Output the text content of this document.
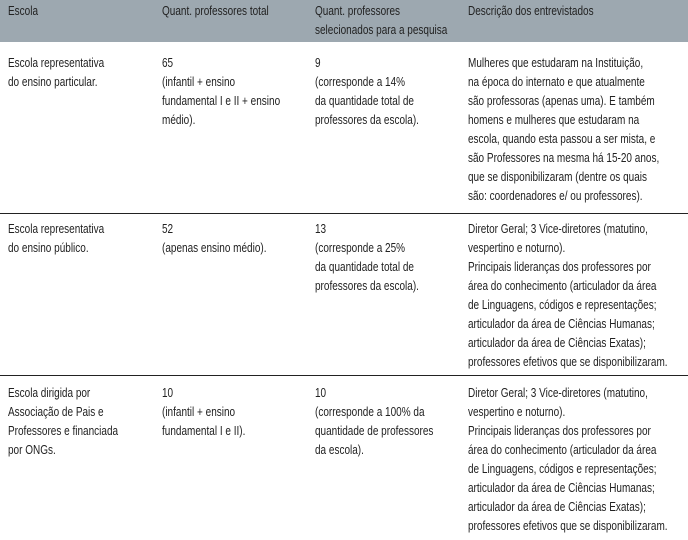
Escola	Quant. professores total	Quant. professores
selecionados para a pesquisa
Descrição dos entrevistados
Escola representativa
do ensino particular.
65
(infantil + ensino
fundamental I e II + ensino
médio).
9
(corresponde a 14%
da quantidade total de
professores da escola).
Mulheres que estudaram na Instituição,
na época do internato e que atualmente
são professoras (apenas uma). E também
homens e mulheres que estudaram na
escola, quando esta passou a ser mista, e
são Professores na mesma há 15-20 anos,
que se disponibilizaram (dentre os quais
são: coordenadores e/ ou professores).
Escola representativa
do ensino público.
52
(apenas ensino médio).
13
(corresponde a 25%
da quantidade total de
professores da escola).
Diretor Geral; 3 Vice-diretores (matutino,
vespertino e noturno).
Principais lideranças dos professores por
área do conhecimento (articulador da área
de Linguagens, códigos e representações;
articulador da área de Ciências Humanas;
articulador da área de Ciências Exatas);
professores efetivos que se disponibilizaram.
Escola dirigida por
Associação de Pais e
Professores e financiada
por ONGs.
10
(infantil + ensino
fundamental I e II).
10
(corresponde a 100% da
quantidade de professores
da escola).
Diretor Geral; 3 Vice-diretores (matutino,
vespertino e noturno).
Principais lideranças dos professores por
área do conhecimento (articulador da área
de Linguagens, códigos e representações;
articulador da área de Ciências Humanas;
articulador da área de Ciências Exatas);
professores efetivos que se disponibilizaram.
